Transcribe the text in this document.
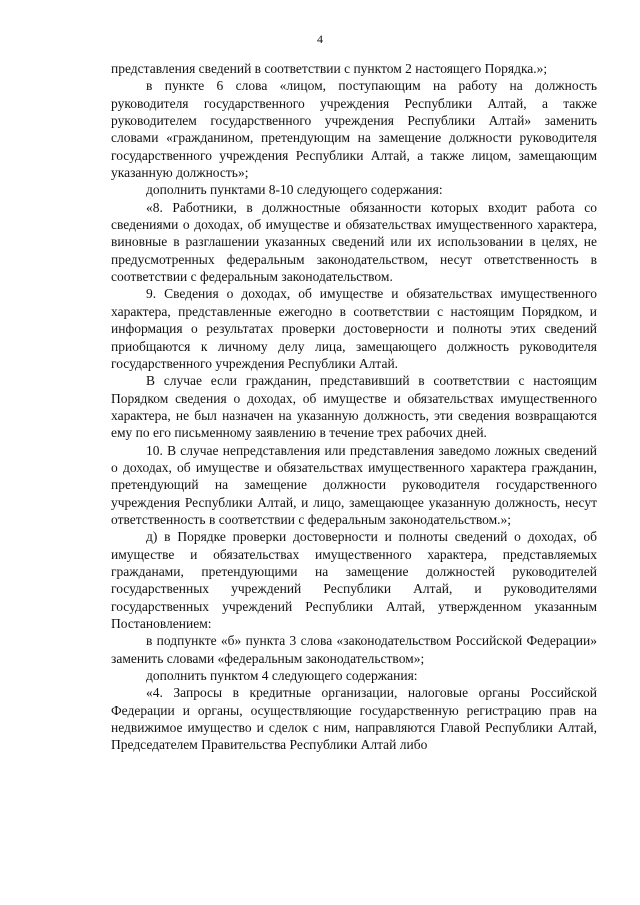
4

представления сведений в соответствии с пунктом 2 настоящего Порядка.»;

в пункте 6 слова «лицом, поступающим на работу на должность руководителя государственного учреждения Республики Алтай, а также руководителем государственного учреждения Республики Алтай» заменить словами «гражданином, претендующим на замещение должности руководителя государственного учреждения Республики Алтай, а также лицом, замещающим указанную должность»;

дополнить пунктами 8-10 следующего содержания:

«8. Работники, в должностные обязанности которых входит работа со сведениями о доходах, об имуществе и обязательствах имущественного характера, виновные в разглашении указанных сведений или их использовании в целях, не предусмотренных федеральным законодательством, несут ответственность в соответствии с федеральным законодательством.

9. Сведения о доходах, об имуществе и обязательствах имущественного характера, представленные ежегодно в соответствии с настоящим Порядком, и информация о результатах проверки достоверности и полноты этих сведений приобщаются к личному делу лица, замещающего должность руководителя государственного учреждения Республики Алтай.

В случае если гражданин, представивший в соответствии с настоящим Порядком сведения о доходах, об имуществе и обязательствах имущественного характера, не был назначен на указанную должность, эти сведения возвращаются ему по его письменному заявлению в течение трех рабочих дней.

10. В случае непредставления или представления заведомо ложных сведений о доходах, об имуществе и обязательствах имущественного характера гражданин, претендующий на замещение должности руководителя государственного учреждения Республики Алтай, и лицо, замещающее указанную должность, несут ответственность в соответствии с федеральным законодательством.»;

д) в Порядке проверки достоверности и полноты сведений о доходах, об имуществе и обязательствах имущественного характера, представляемых гражданами, претендующими на замещение должностей руководителей государственных учреждений Республики Алтай, и руководителями государственных учреждений Республики Алтай, утвержденном указанным Постановлением:

в подпункте «б» пункта 3 слова «законодательством Российской Федерации» заменить словами «федеральным законодательством»;

дополнить пунктом 4 следующего содержания:

«4. Запросы в кредитные организации, налоговые органы Российской Федерации и органы, осуществляющие государственную регистрацию прав на недвижимое имущество и сделок с ним, направляются Главой Республики Алтай, Председателем Правительства Республики Алтай либо
